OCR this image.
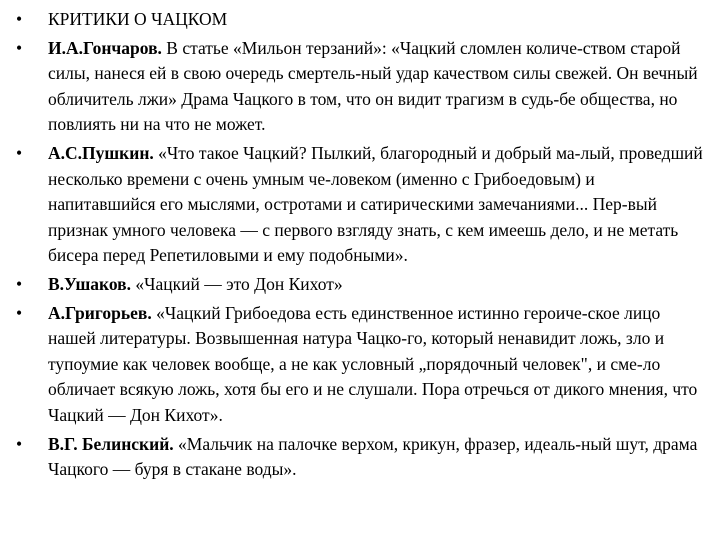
•	КРИТИКИ О ЧАЦКОМ
•	И.А.Гончаров. В статье «Мильон терзаний»: «Чацкий сломлен количе-ством старой силы, нанеся ей в свою очередь смертель-ный удар качеством силы свежей. Он вечный обличитель лжи» Драма Чацкого в том, что он видит трагизм в судь-бе общества, но повлиять ни на что не может.
•	А.С.Пушкин. «Что такое Чацкий? Пылкий, благородный и добрый ма-лый, проведший несколько времени с очень умным че-ловеком (именно с Грибоедовым) и напитавшийся его мыслями, остротами и сатирическими замечаниями... Пер-вый признак умного человека — с первого взгляду знать, с кем имеешь дело, и не метать бисера перед Репетиловыми и ему подобными».
•	В.Ушаков. «Чацкий — это Дон Кихот»
•	А.Григорьев. «Чацкий Грибоедова есть единственное истинно героиче-ское лицо нашей литературы. Возвышенная натура Чацко-го, который ненавидит ложь, зло и тупоумие как человек вообще, а не как условный „порядочный человек", и сме-ло обличает всякую ложь, хотя бы его и не слушали. Пора отречься от дикого мнения, что Чацкий — Дон Кихот».
•	В.Г. Белинский. «Мальчик на палочке верхом, крикун, фразер, идеаль-ный шут, драма Чацкого — буря в стакане воды».
